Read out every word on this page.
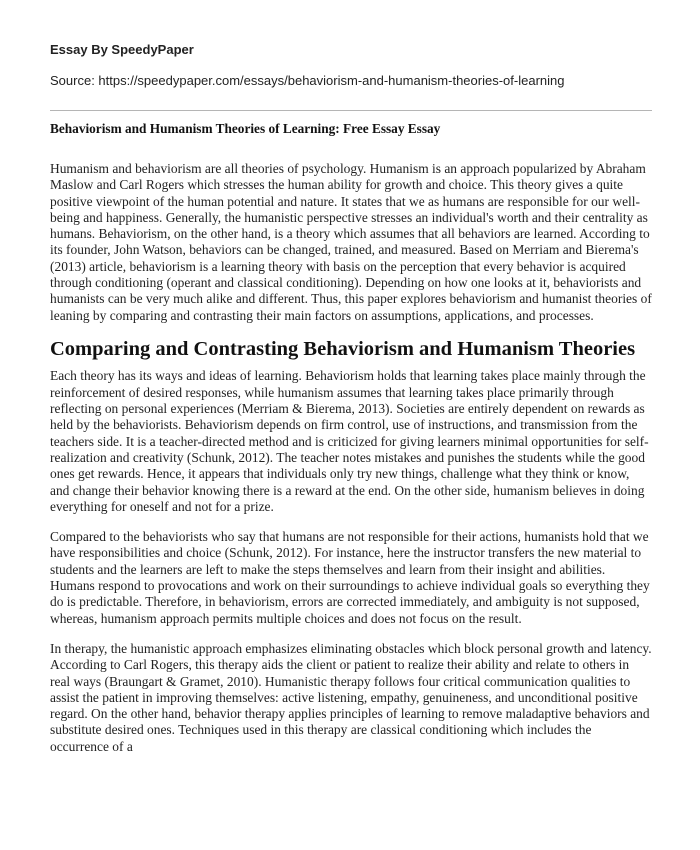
Essay By SpeedyPaper
Source: https://speedypaper.com/essays/behaviorism-and-humanism-theories-of-learning
Behaviorism and Humanism Theories of Learning: Free Essay Essay

Humanism and behaviorism are all theories of psychology. Humanism is an approach popularized by Abraham Maslow and Carl Rogers which stresses the human ability for growth and choice. This theory gives a quite positive viewpoint of the human potential and nature. It states that we as humans are responsible for our well-being and happiness. Generally, the humanistic perspective stresses an individual's worth and their centrality as humans. Behaviorism, on the other hand, is a theory which assumes that all behaviors are learned. According to its founder, John Watson, behaviors can be changed, trained, and measured. Based on Merriam and Bierema's (2013) article, behaviorism is a learning theory with basis on the perception that every behavior is acquired through conditioning (operant and classical conditioning). Depending on how one looks at it, behaviorists and humanists can be very much alike and different. Thus, this paper explores behaviorism and humanist theories of leaning by comparing and contrasting their main factors on assumptions, applications, and processes.

Comparing and Contrasting Behaviorism and Humanism Theories

Each theory has its ways and ideas of learning. Behaviorism holds that learning takes place mainly through the reinforcement of desired responses, while humanism assumes that learning takes place primarily through reflecting on personal experiences (Merriam & Bierema, 2013). Societies are entirely dependent on rewards as held by the behaviorists. Behaviorism depends on firm control, use of instructions, and transmission from the teachers side. It is a teacher-directed method and is criticized for giving learners minimal opportunities for self-realization and creativity (Schunk, 2012). The teacher notes mistakes and punishes the students while the good ones get rewards. Hence, it appears that individuals only try new things, challenge what they think or know, and change their behavior knowing there is a reward at the end. On the other side, humanism believes in doing everything for oneself and not for a prize.

Compared to the behaviorists who say that humans are not responsible for their actions, humanists hold that we have responsibilities and choice (Schunk, 2012). For instance, here the instructor transfers the new material to students and the learners are left to make the steps themselves and learn from their insight and abilities. Humans respond to provocations and work on their surroundings to achieve individual goals so everything they do is predictable. Therefore, in behaviorism, errors are corrected immediately, and ambiguity is not supposed, whereas, humanism approach permits multiple choices and does not focus on the result.

In therapy, the humanistic approach emphasizes eliminating obstacles which block personal growth and latency. According to Carl Rogers, this therapy aids the client or patient to realize their ability and relate to others in real ways (Braungart & Gramet, 2010). Humanistic therapy follows four critical communication qualities to assist the patient in improving themselves: active listening, empathy, genuineness, and unconditional positive regard. On the other hand, behavior therapy applies principles of learning to remove maladaptive behaviors and substitute desired ones. Techniques used in this therapy are classical conditioning which includes the occurrence of a
